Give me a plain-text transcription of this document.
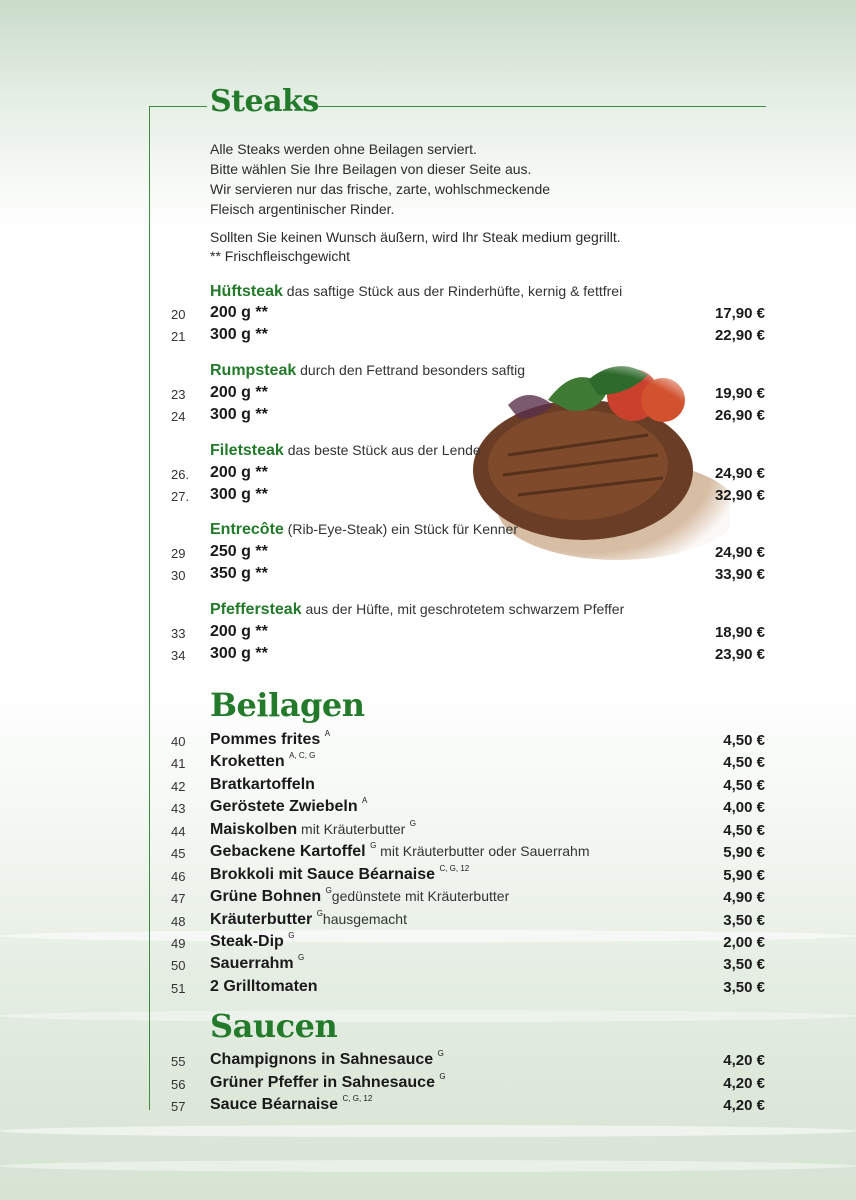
Steaks

Alle Steaks werden ohne Beilagen serviert.

Bitte wählen Sie Ihre Beilagen von dieser Seite aus.

Wir servieren nur das frische, zarte, wohlschmeckende

Fleisch argentinischer Rinder.

Sollten Sie keinen Wunsch äußern, wird Ihr Steak medium gegrillt.

** Frischfleischgewicht

Hüftsteak das saftige Stück aus der Rinderhüfte, kernig & fettfrei
20 200 g **	17,90 €
21 300 g **	22,90 €
Rumpsteak durch den Fettrand besonders saftig
23 200 g **	19,90 €
24 300 g **	26,90 €
Filetsteak das beste Stück aus der Lende
26. 200 g **	24,90 €
27. 300 g **	32,90 €
Entrecôte (Rib-Eye-Steak) ein Stück für Kenner
29 250 g **	24,90 €
30 350 g **	33,90 €
Pfeffersteak aus der Hüfte, mit geschrotetem schwarzem Pfeffer
33 200 g **	18,90 €
34 300 g **	23,90 €
Beilagen
40 Pommes frites $^A$	4,50 €
41 Kroketten $^{A, C, G}$	4,50 €
42 Bratkartoffeln	4,50 €
43 Geröstete Zwiebeln $^A$	4,00 €
44 Maiskolben mit Kräuterbutter $^G$	4,50 €
45 Gebackene Kartoffel $^G$ mit Kräuterbutter oder Sauerrahm	5,90 €
46 Brokkoli mit Sauce Béarnaise $^{C, G, 12}$	5,90 €
47 Grüne Bohnen $^G$gedünstete mit Kräuterbutter	4,90 €
48 Kräuterbutter $^G$hausgemacht	3,50 €
49 Steak-Dip $^G$	2,00 €
50 Sauerrahm $^G$	3,50 €
51 2 Grilltomaten	3,50 €
Saucen
55 Champignons in Sahnesauce $^G$	4,20 €
56 Grüner Pfeffer in Sahnesauce $^G$	4,20 €
57 Sauce Béarnaise $^{C, G, 12}$	4,20 €
